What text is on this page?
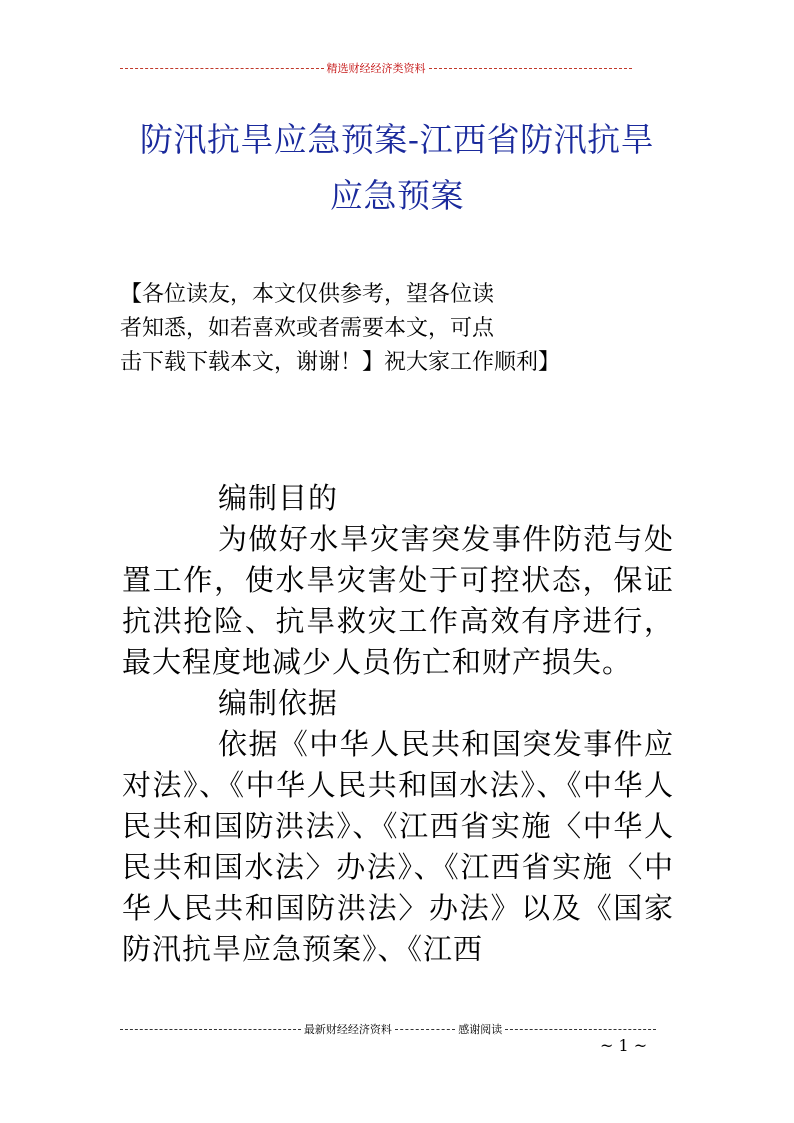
精选财经经济类资料
防汛抗旱应急预案-江西省防汛抗旱
应急预案
【各位读友，本文仅供参考，望各位读
者知悉，如若喜欢或者需要本文，可点
击下载下载本文，谢谢！】祝大家工作顺利】

编制目的

为做好水旱灾害突发事件防范与处置工作，使水旱灾害处于可控状态，保证抗洪抢险、抗旱救灾工作高效有序进行，最大程度地减少人员伤亡和财产损失。

编制依据

依据《中华人民共和国突发事件应对法》、《中华人民共和国水法》、《中华人民共和国防洪法》、《江西省实施〈中华人民共和国水法〉办法》、《江西省实施〈中华人民共和国防洪法〉办法》以及《国家防汛抗旱应急预案》、《江西

最新财经经济资料	感谢阅读
~ 1 ~
